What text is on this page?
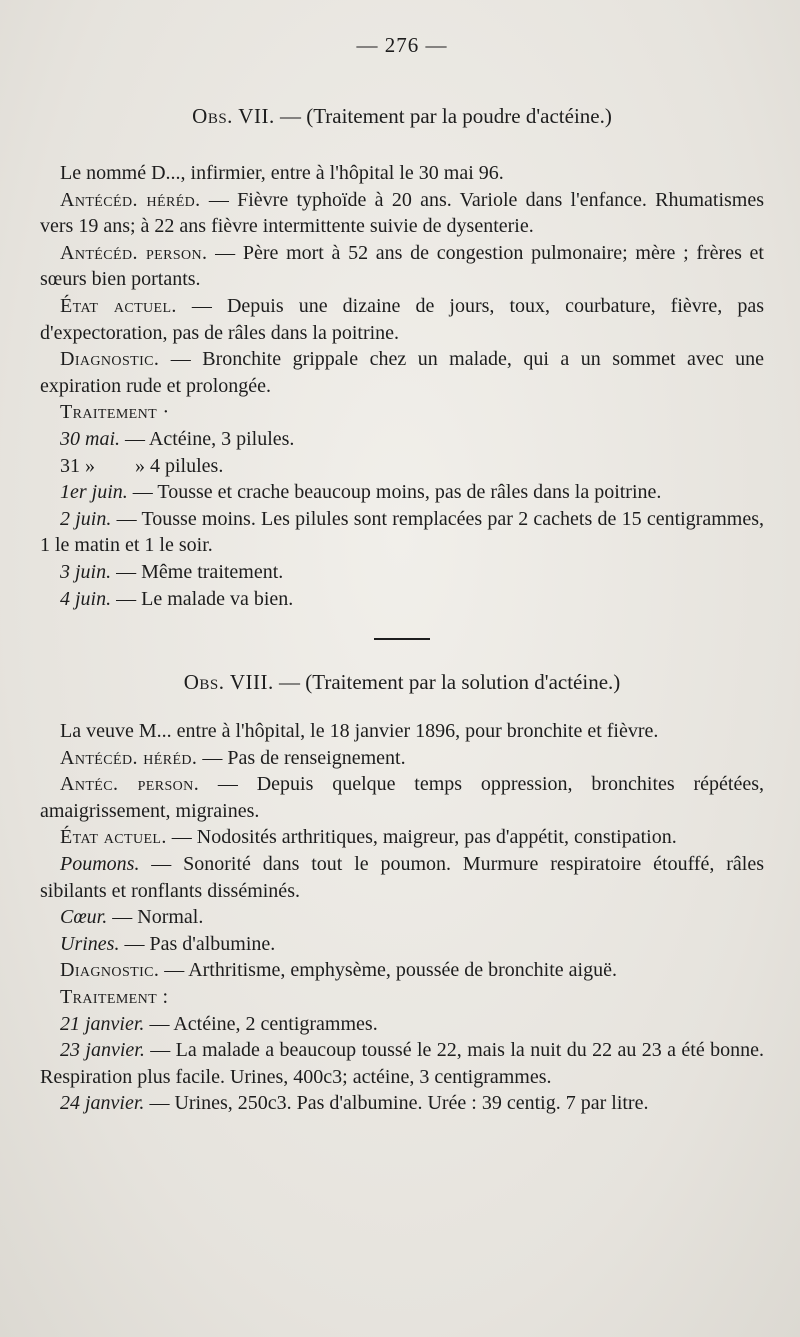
— 276 —
Obs. VII. — (Traitement par la poudre d'actéine.)

Le nommé D..., infirmier, entre à l'hôpital le 30 mai 96.

Antécéd. héréd. — Fièvre typhoïde à 20 ans. Variole dans l'enfance. Rhumatismes vers 19 ans; à 22 ans fièvre intermittente suivie de dysenterie.

Antécéd. person. — Père mort à 52 ans de congestion pulmonaire; mère ; frères et sœurs bien portants.

État actuel. — Depuis une dizaine de jours, toux, courbature, fièvre, pas d'expectoration, pas de râles dans la poitrine.

Diagnostic. — Bronchite grippale chez un malade, qui a un sommet avec une expiration rude et prolongée.

Traitement ·

30 mai. — Actéine, 3 pilules.

31 »        » 4 pilules.

1er juin. — Tousse et crache beaucoup moins, pas de râles dans la poitrine.

2 juin. — Tousse moins. Les pilules sont remplacées par 2 cachets de 15 centigrammes, 1 le matin et 1 le soir.

3 juin. — Même traitement.

4 juin. — Le malade va bien.

Obs. VIII. — (Traitement par la solution d'actéine.)

La veuve M... entre à l'hôpital, le 18 janvier 1896, pour bronchite et fièvre.

Antécéd. héréd. — Pas de renseignement.

Antéc. person. — Depuis quelque temps oppression, bronchites répétées, amaigrissement, migraines.

État actuel. — Nodosités arthritiques, maigreur, pas d'appétit, constipation.

Poumons. — Sonorité dans tout le poumon. Murmure respiratoire étouffé, râles sibilants et ronflants disséminés.

Cœur. — Normal.

Urines. — Pas d'albumine.

Diagnostic. — Arthritisme, emphysème, poussée de bronchite aiguë.

Traitement :

21 janvier. — Actéine, 2 centigrammes.

23 janvier. — La malade a beaucoup toussé le 22, mais la nuit du 22 au 23 a été bonne. Respiration plus facile. Urines, 400c3; actéine, 3 centigrammes.

24 janvier. — Urines, 250c3. Pas d'albumine. Urée : 39 centig. 7 par litre.
